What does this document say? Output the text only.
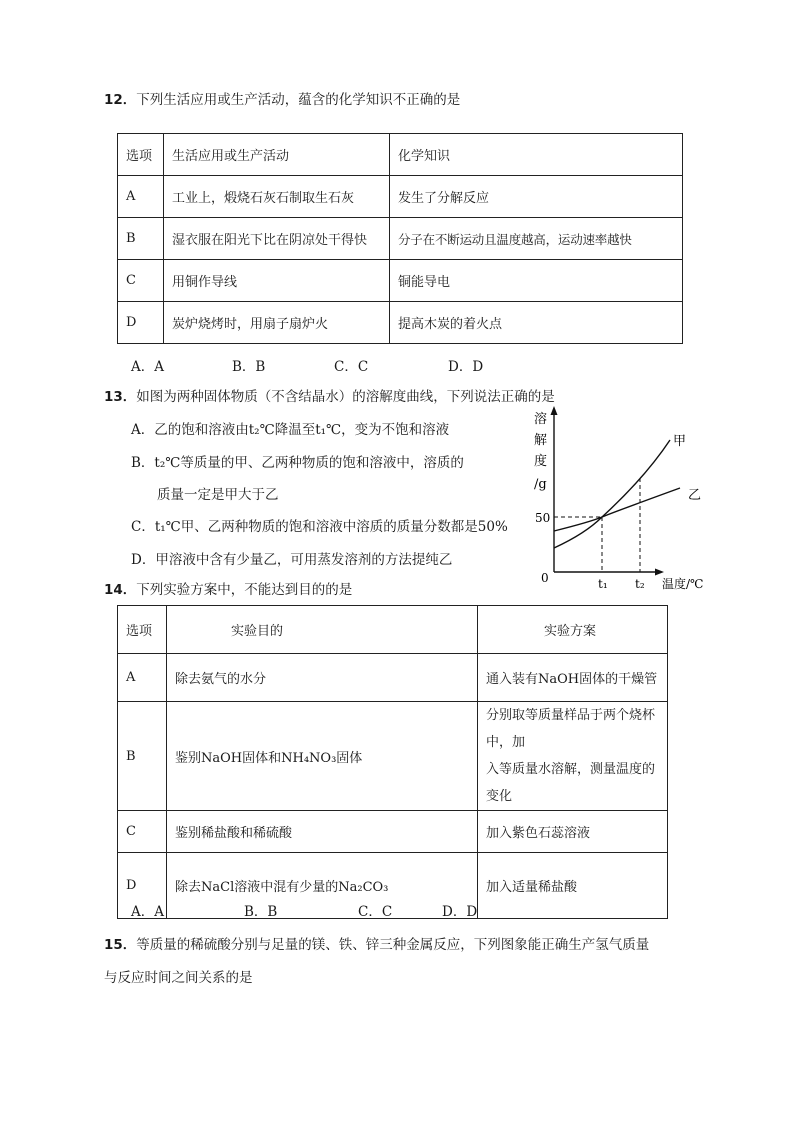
12．下列生活应用或生产活动，蕴含的化学知识不正确的是
选项	生活应用或生产活动	化学知识
A	工业上，煅烧石灰石制取生石灰	发生了分解反应
B	湿衣服在阳光下比在阴凉处干得快	分子在不断运动且温度越高，运动速率越快
C	用铜作导线	铜能导电
D	炭炉烧烤时，用扇子扇炉火	提高木炭的着火点
A．A	B．B	C．C	D．D
13．如图为两种固体物质（不含结晶水）的溶解度曲线，下列说法正确的是
A．乙的饱和溶液由t₂℃降温至t₁℃，变为不饱和溶液
B．t₂℃等质量的甲、乙两种物质的饱和溶液中，溶质的
质量一定是甲大于乙
C．t₁℃甲、乙两种物质的饱和溶液中溶质的质量分数都是50%
D．甲溶液中含有少量乙，可用蒸发溶剂的方法提纯乙
溶
解
度
/g
50
0	t₁ t₂ 温度/℃
甲
乙
14．下列实验方案中，不能达到目的的是
选项	实验目的	实验方案
A	除去氨气的水分	通入装有NaOH固体的干燥管
B	鉴别NaOH固体和NH₄NO₃固体	分别取等质量样品于两个烧杯中，加
入等质量水溶解，测量温度的变化

C	鉴别稀盐酸和稀硫酸	加入紫色石蕊溶液
D	除去NaCl溶液中混有少量的Na₂CO₃	加入适量稀盐酸
A．A	B．B	C．C	D．D
15．等质量的稀硫酸分别与足量的镁、铁、锌三种金属反应，下列图象能正确生产氢气质量
与反应时间之间关系的是
